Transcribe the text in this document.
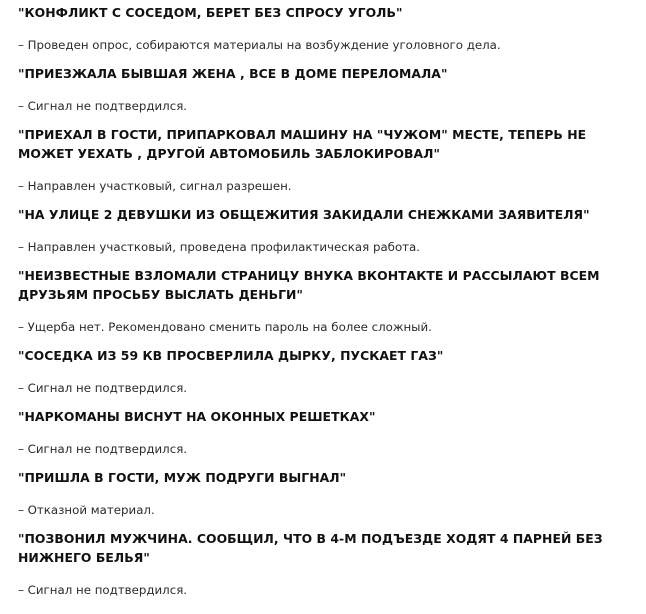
"КОНФЛИКТ С СОСЕДОМ, БЕРЕТ БЕЗ СПРОСУ УГОЛЬ"
– Проведен опрос, собираются материалы на возбуждение уголовного дела.
"ПРИЕЗЖАЛА БЫВШАЯ ЖЕНА , ВСЕ В ДОМЕ ПЕРЕЛОМАЛА"
– Сигнал не подтвердился.
"ПРИЕХАЛ В ГОСТИ, ПРИПАРКОВАЛ МАШИНУ НА "ЧУЖОМ" МЕСТЕ, ТЕПЕРЬ НЕ МОЖЕТ УЕХАТЬ , ДРУГОЙ АВТОМОБИЛЬ ЗАБЛОКИРОВАЛ"
– Направлен участковый, сигнал разрешен.
"НА УЛИЦЕ 2 ДЕВУШКИ ИЗ ОБЩЕЖИТИЯ ЗАКИДАЛИ СНЕЖКАМИ ЗАЯВИТЕЛЯ"
– Направлен участковый, проведена профилактическая работа.
"НЕИЗВЕСТНЫЕ ВЗЛОМАЛИ СТРАНИЦУ ВНУКА ВКОНТАКТЕ И РАССЫЛАЮТ ВСЕМ ДРУЗЬЯМ ПРОСЬБУ ВЫСЛАТЬ ДЕНЬГИ"
– Ущерба нет. Рекомендовано сменить пароль на более сложный.
"СОСЕДКА ИЗ 59 КВ ПРОСВЕРЛИЛА ДЫРКУ, ПУСКАЕТ ГАЗ"
– Сигнал не подтвердился.
"НАРКОМАНЫ ВИСНУТ НА ОКОННЫХ РЕШЕТКАХ"
– Сигнал не подтвердился.
"ПРИШЛА В ГОСТИ, МУЖ ПОДРУГИ ВЫГНАЛ"
– Отказной материал.
"ПОЗВОНИЛ МУЖЧИНА. СООБЩИЛ, ЧТО В 4-М ПОДЪЕЗДЕ ХОДЯТ 4 ПАРНЕЙ БЕЗ НИЖНЕГО БЕЛЬЯ"
– Сигнал не подтвердился.
